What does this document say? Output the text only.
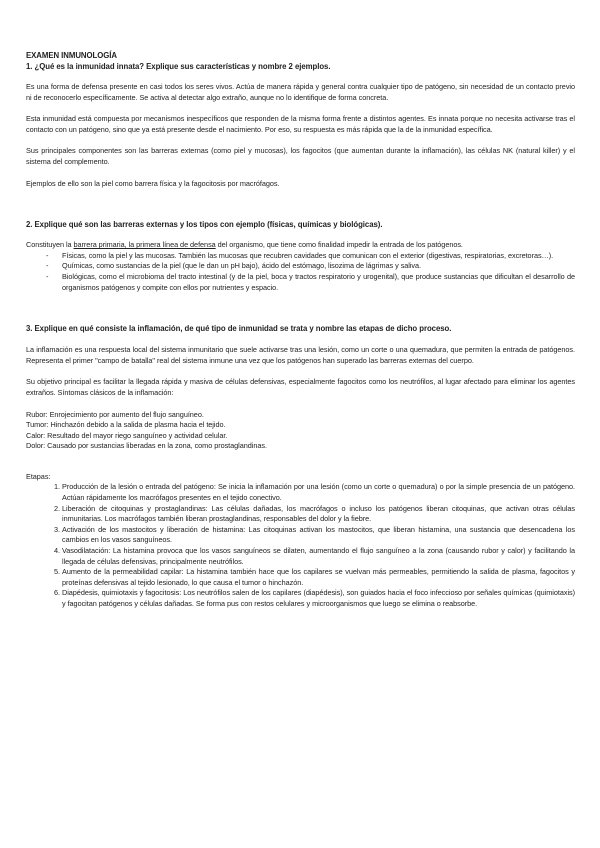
EXAMEN INMUNOLOGÍA
1. ¿Qué es la inmunidad innata? Explique sus características y nombre 2 ejemplos.

Es una forma de defensa presente en casi todos los seres vivos. Actúa de manera rápida y general contra cualquier tipo de patógeno, sin necesidad de un contacto previo ni de reconocerlo específicamente. Se activa al detectar algo extraño, aunque no lo identifique de forma concreta.

Esta inmunidad está compuesta por mecanismos inespecíficos que responden de la misma forma frente a distintos agentes. Es innata porque no necesita activarse tras el contacto con un patógeno, sino que ya está presente desde el nacimiento. Por eso, su respuesta es más rápida que la de la inmunidad específica.

Sus principales componentes son las barreras externas (como piel y mucosas), los fagocitos (que aumentan durante la inflamación), las células NK (natural killer) y el sistema del complemento.

Ejemplos de ello son la piel como barrera física y la fagocitosis por macrófagos.

2. Explique qué son las barreras externas y los tipos con ejemplo (físicas, químicas y biológicas).

Constituyen la barrera primaria, la primera línea de defensa del organismo, que tiene como finalidad impedir la entrada de los patógenos.

- Físicas, como la piel y las mucosas. También las mucosas que recubren cavidades que comunican con el exterior (digestivas, respiratorias, excretoras…).
- Químicas, como sustancias de la piel (que le dan un pH bajo), ácido del estómago, lisozima de lágrimas y saliva.
- Biológicas, como el microbioma del tracto intestinal (y de la piel, boca y tractos respiratorio y urogenital), que produce sustancias que dificultan el desarrollo de organismos patógenos y compite con ellos por nutrientes y espacio.
3. Explique en qué consiste la inflamación, de qué tipo de inmunidad se trata y nombre las etapas de dicho proceso.

La inflamación es una respuesta local del sistema inmunitario que suele activarse tras una lesión, como un corte o una quemadura, que permiten la entrada de patógenos. Representa el primer "campo de batalla" real del sistema inmune una vez que los patógenos han superado las barreras externas del cuerpo.

Su objetivo principal es facilitar la llegada rápida y masiva de células defensivas, especialmente fagocitos como los neutrófilos, al lugar afectado para eliminar los agentes extraños. Síntomas clásicos de la inflamación:

Rubor: Enrojecimiento por aumento del flujo sanguíneo.

Tumor: Hinchazón debido a la salida de plasma hacia el tejido.

Calor: Resultado del mayor riego sanguíneo y actividad celular.

Dolor: Causado por sustancias liberadas en la zona, como prostaglandinas.

Etapas:

1. Producción de la lesión o entrada del patógeno: Se inicia la inflamación por una lesión (como un corte o quemadura) o por la simple presencia de un patógeno. Actúan rápidamente los macrófagos presentes en el tejido conectivo.
2. Liberación de citoquinas y prostaglandinas: Las células dañadas, los macrófagos o incluso los patógenos liberan citoquinas, que activan otras células inmunitarias. Los macrófagos también liberan prostaglandinas, responsables del dolor y la fiebre.
3. Activación de los mastocitos y liberación de histamina: Las citoquinas activan los mastocitos, que liberan histamina, una sustancia que desencadena los cambios en los vasos sanguíneos.
4. Vasodilatación: La histamina provoca que los vasos sanguíneos se dilaten, aumentando el flujo sanguíneo a la zona (causando rubor y calor) y facilitando la llegada de células defensivas, principalmente neutrófilos.
5. Aumento de la permeabilidad capilar: La histamina también hace que los capilares se vuelvan más permeables, permitiendo la salida de plasma, fagocitos y proteínas defensivas al tejido lesionado, lo que causa el tumor o hinchazón.
6. Diapédesis, quimiotaxis y fagocitosis: Los neutrófilos salen de los capilares (diapédesis), son guiados hacia el foco infeccioso por señales químicas (quimiotaxis) y fagocitan patógenos y células dañadas. Se forma pus con restos celulares y microorganismos que luego se elimina o reabsorbe.
